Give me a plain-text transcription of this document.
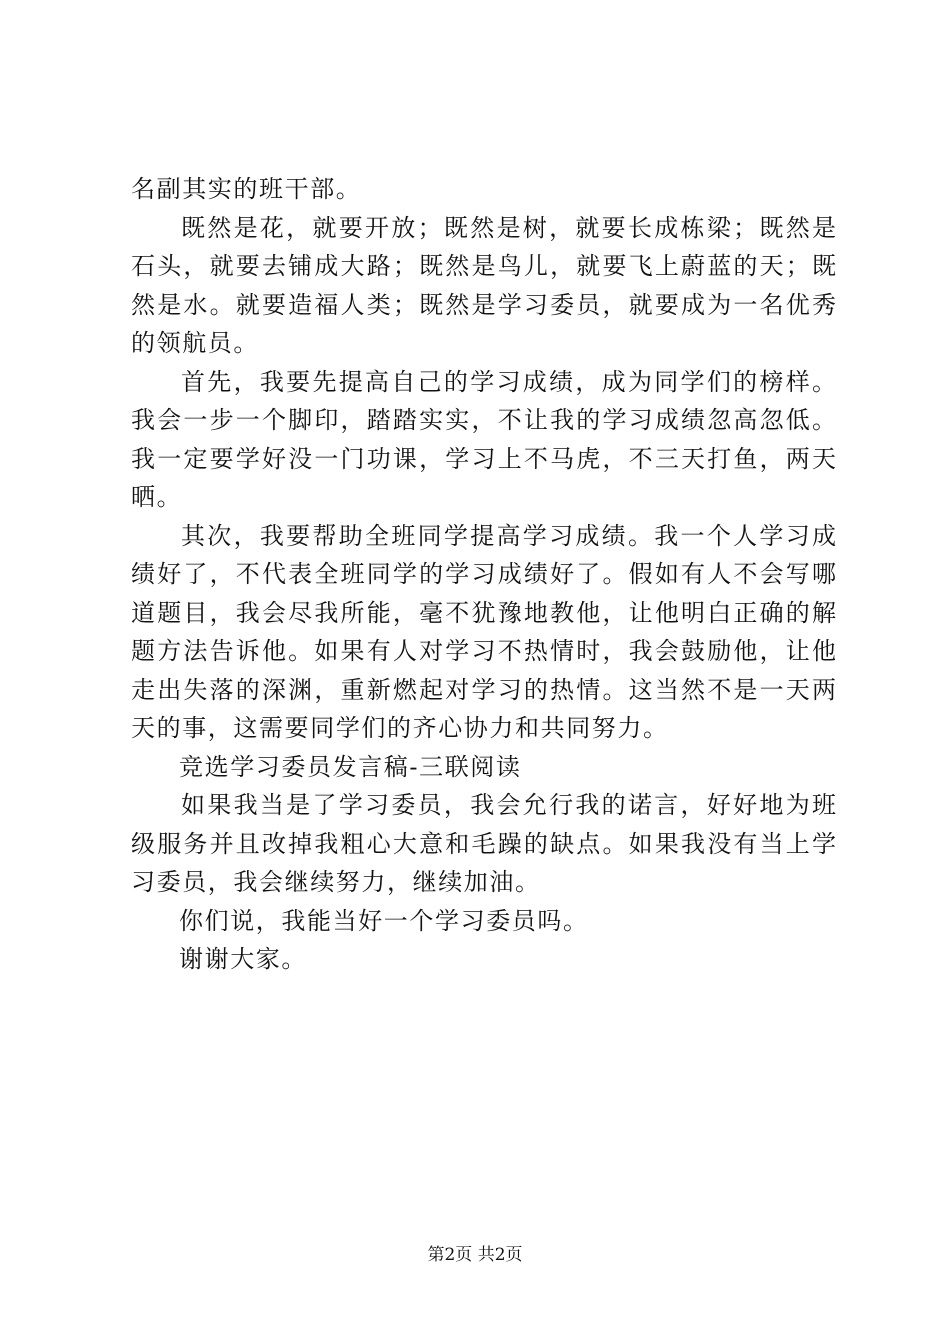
名副其实的班干部。
既然是花，就要开放；既然是树，就要长成栋梁；既然是
石头，就要去铺成大路；既然是鸟儿，就要飞上蔚蓝的天；既
然是水。就要造福人类；既然是学习委员，就要成为一名优秀
的领航员。
首先，我要先提高自己的学习成绩，成为同学们的榜样。
我会一步一个脚印，踏踏实实，不让我的学习成绩忽高忽低。
我一定要学好没一门功课，学习上不马虎，不三天打鱼，两天
晒。
其次，我要帮助全班同学提高学习成绩。我一个人学习成
绩好了，不代表全班同学的学习成绩好了。假如有人不会写哪
道题目，我会尽我所能，毫不犹豫地教他，让他明白正确的解
题方法告诉他。如果有人对学习不热情时，我会鼓励他，让他
走出失落的深渊，重新燃起对学习的热情。这当然不是一天两
天的事，这需要同学们的齐心协力和共同努力。
竞选学习委员发言稿-三联阅读
如果我当是了学习委员，我会允行我的诺言，好好地为班
级服务并且改掉我粗心大意和毛躁的缺点。如果我没有当上学
习委员，我会继续努力，继续加油。
你们说，我能当好一个学习委员吗。
谢谢大家。
第2页 共2页
